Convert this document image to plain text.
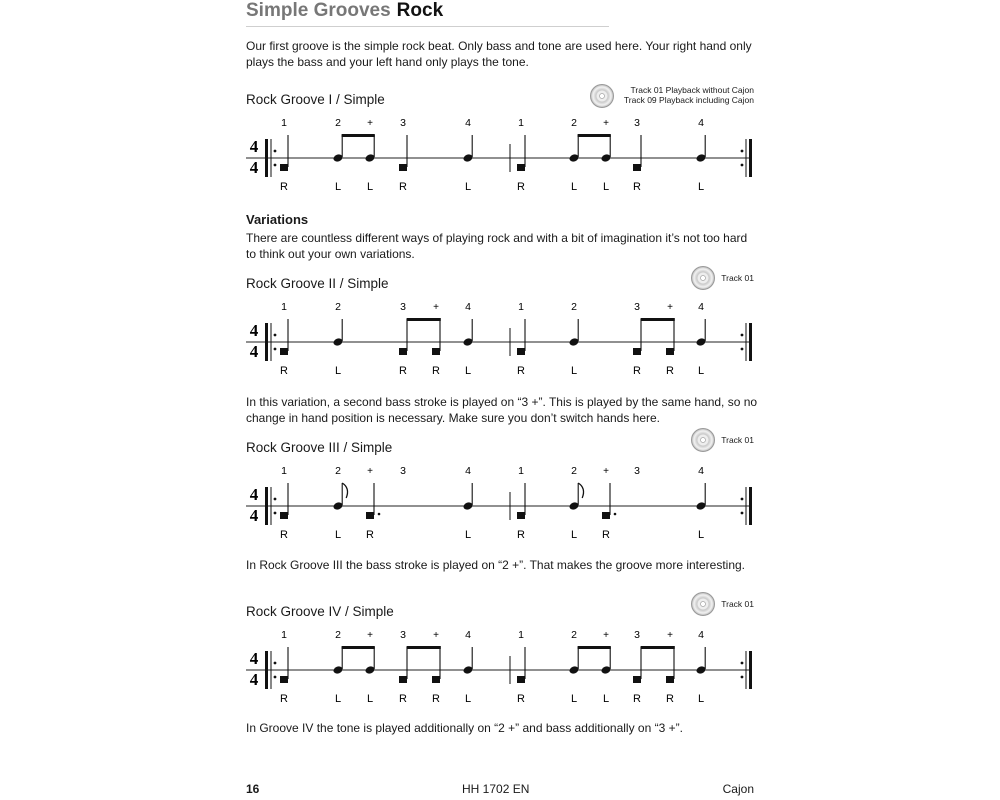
Simple Grooves Rock
Our first groove is the simple rock beat. Only bass and tone are used here. Your right hand only plays the bass and your left hand only plays the tone.
Rock Groove I / Simple
Track 01 Playback without Cajon
Track 09 Playback including Cajon
4
4
1	2	+	3	4	1	2	+ 3	4
R	L L R	L	R	L L R	L
Variations
There are countless different ways of playing rock and with a bit of imagination it’s not too hard to think out your own variations.
Rock Groove II / Simple	Track 01
4
4
1	2	3	+ 4	1	2	3	+ 4
R	L	R R L	R	L	R R L
In this variation, a second bass stroke is played on “3 +”. This is played by the same hand, so no change in hand position is necessary. Make sure you don’t switch hands here.
Rock Groove III / Simple	Track 01
4
4
1	2	+	3	4	1	2	+ 3	4
R	L R	L	R	L R	L
In Rock Groove III the bass stroke is played on “2 +”. That makes the groove more interesting.
Rock Groove IV / Simple	Track 01
4
4
1	2	+	3	+ 4	1	2	+ 3	+ 4
R	L L R R L	R	L L R R L
In Groove IV the tone is played additionally on “2 +” and bass additionally on “3 +”.
16	HH 1702 EN	Cajon
